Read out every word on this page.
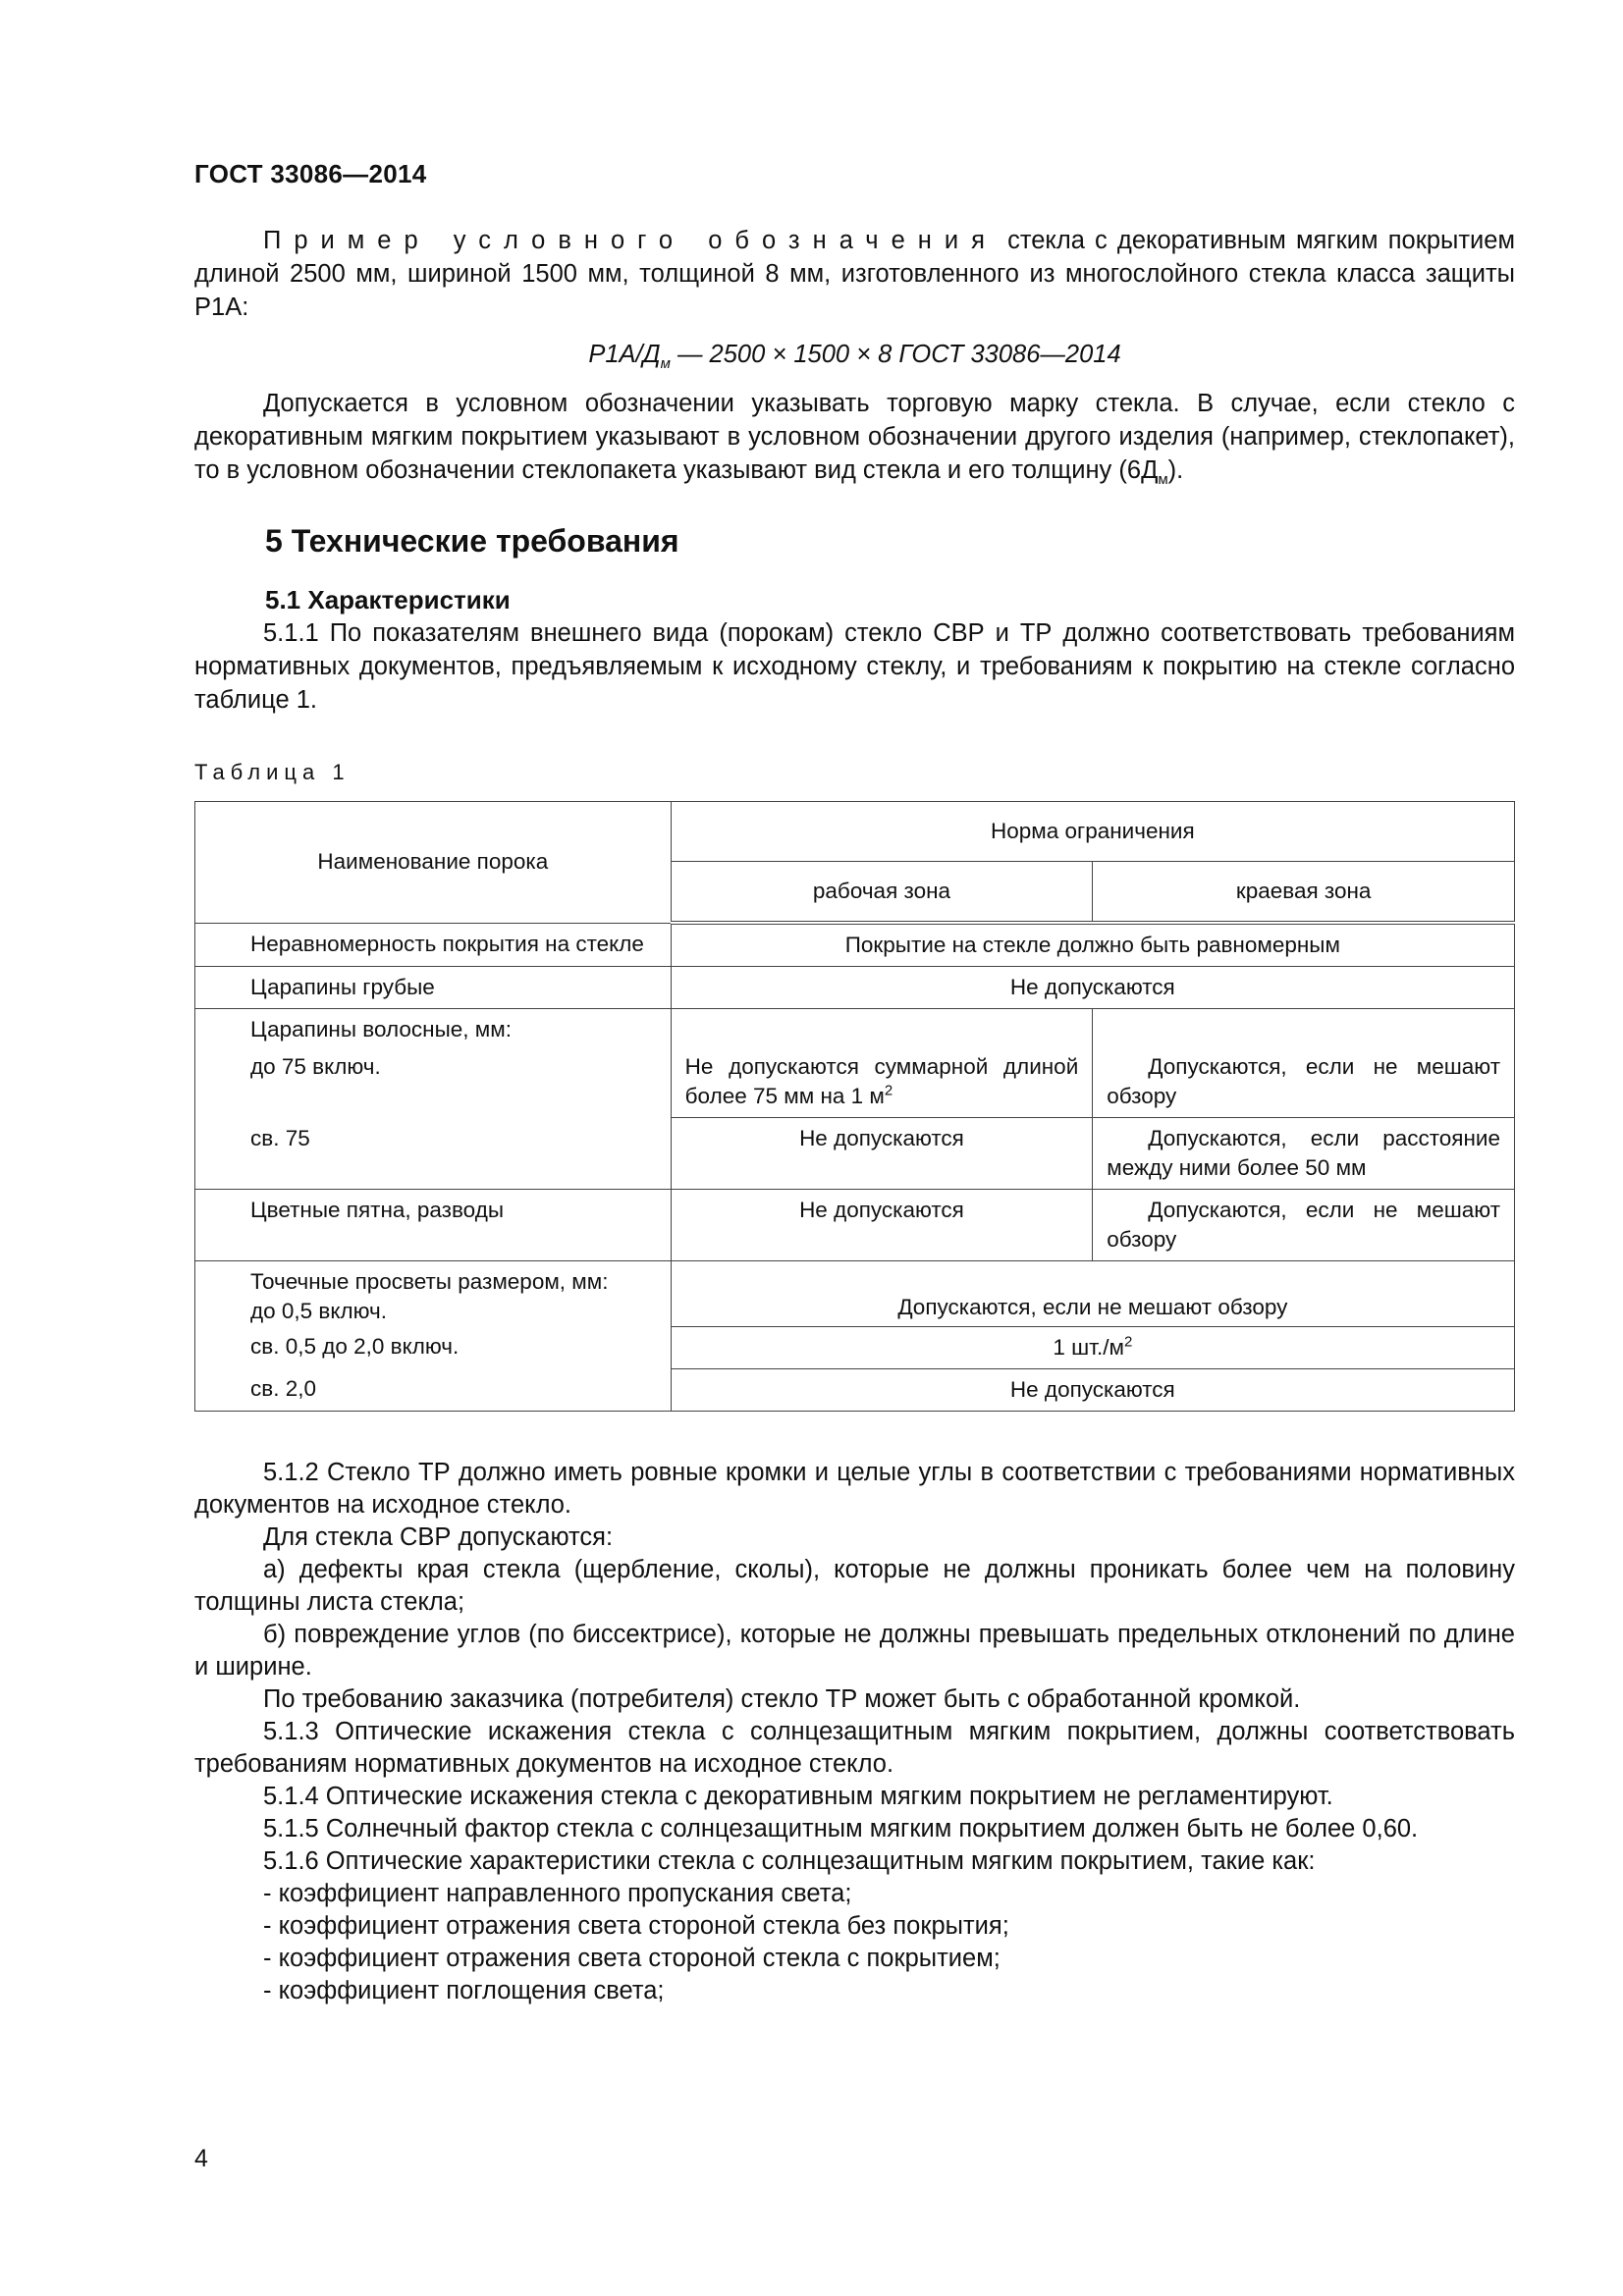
ГОСТ 33086—2014

Пример условного обозначения стекла с декоративным мягким покрытием длиной 2500 мм, шириной 1500 мм, толщиной 8 мм, изготовленного из многослойного стекла класса защиты Р1А:

$Р1А/Д_м$ — 2500 × 1500 × 8 ГОСТ 33086—2014

Допускается в условном обозначении указывать торговую марку стекла. В случае, если стекло с декоративным мягким покрытием указывают в условном обозначении другого изделия (например, стеклопакет), то в условном обозначении стеклопакета указывают вид стекла и его толщину $(6Д_м)$.

5 Технические требования
5.1 Характеристики

5.1.1 По показателям внешнего вида (порокам) стекло СВР и ТР должно соответствовать требованиям нормативных документов, предъявляемым к исходному стеклу, и требованиям к покрытию на стекле согласно таблице 1.

Таблица 1
Наименование порока	Норма ограничения	
	рабочая зона	краевая зона

Неравномерность покрытия на стекле	Покрытие на стекле должно быть равномерным	
Царапины грубые	Не допускаются	

Царапины волосные, мм:
до 75 включ.	Не допускаются суммарной длиной более 75 мм на 1 $м^2$	Допускаются, если не мешают обзору

св. 75	Не допускаются	Допускаются, если расстояние между ними более 50 мм

Цветные пятна, разводы	Не допускаются	Допускаются, если не мешают обзору

Точечные просветы размером, мм:
до 0,5 включ.	Допускаются, если не мешают обзору	
св. 0,5 до 2,0 включ.	1 $шт./м^2$
св. 2,0	Не допускаются	

5.1.2 Стекло ТР должно иметь ровные кромки и целые углы в соответствии с требованиями нормативных документов на исходное стекло.

Для стекла СВР допускаются:

а) дефекты края стекла (щербление, сколы), которые не должны проникать более чем на половину толщины листа стекла;

б) повреждение углов (по биссектрисе), которые не должны превышать предельных отклонений по длине и ширине.

По требованию заказчика (потребителя) стекло ТР может быть с обработанной кромкой.

5.1.3 Оптические искажения стекла с солнцезащитным мягким покрытием, должны соответствовать требованиям нормативных документов на исходное стекло.

5.1.4 Оптические искажения стекла с декоративным мягким покрытием не регламентируют.

5.1.5 Солнечный фактор стекла с солнцезащитным мягким покрытием должен быть не более 0,60.

5.1.6 Оптические характеристики стекла с солнцезащитным мягким покрытием, такие как:

- коэффициент направленного пропускания света;

- коэффициент отражения света стороной стекла без покрытия;

- коэффициент отражения света стороной стекла с покрытием;

- коэффициент поглощения света;

4
